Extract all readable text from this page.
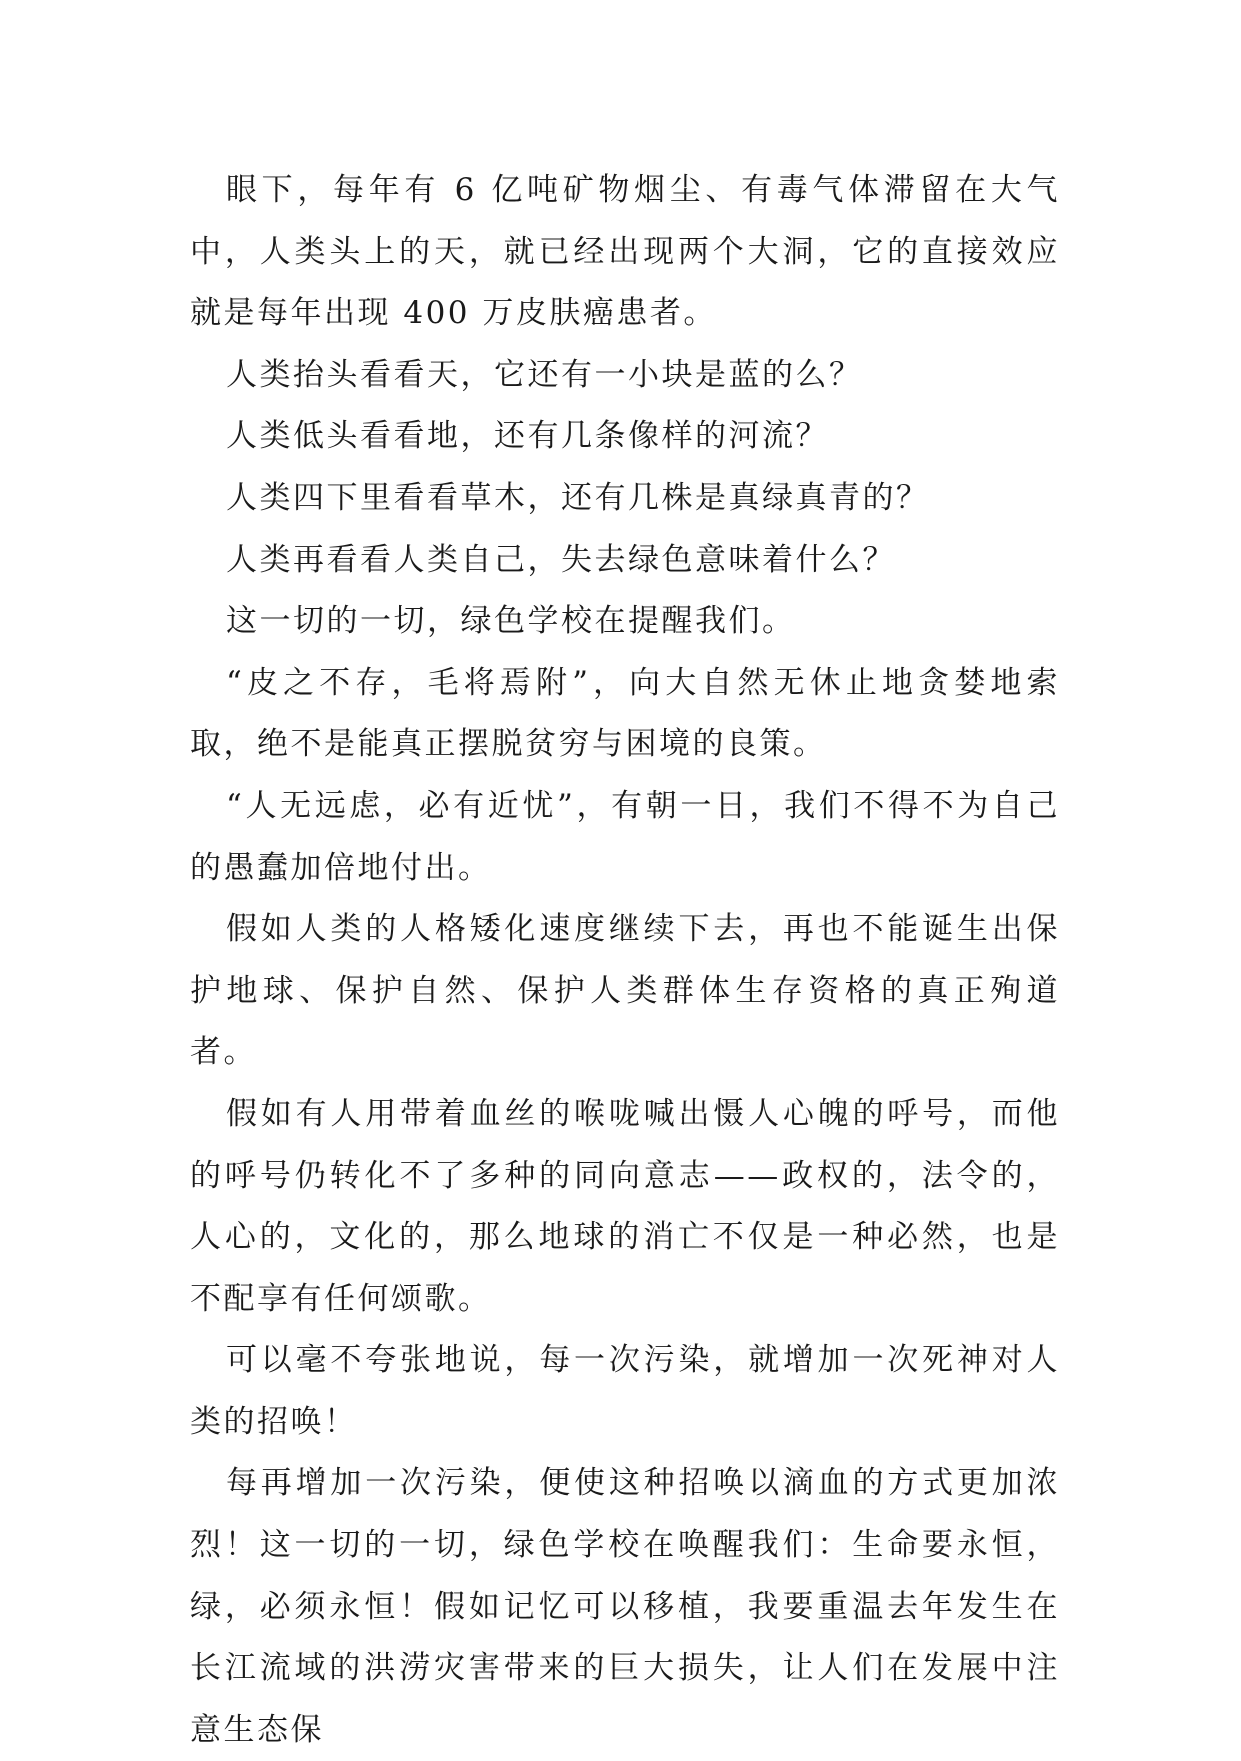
眼下，每年有 6 亿吨矿物烟尘、有毒气体滞留在大气中，人类头上的天，就已经出现两个大洞，它的直接效应就是每年出现 400 万皮肤癌患者。

人类抬头看看天，它还有一小块是蓝的么？

人类低头看看地，还有几条像样的河流？

人类四下里看看草木，还有几株是真绿真青的？

人类再看看人类自己，失去绿色意味着什么？

这一切的一切，绿色学校在提醒我们。

“皮之不存，毛将焉附”，向大自然无休止地贪婪地索取，绝不是能真正摆脱贫穷与困境的良策。

“人无远虑，必有近忧”，有朝一日，我们不得不为自己的愚蠢加倍地付出。

假如人类的人格矮化速度继续下去，再也不能诞生出保护地球、保护自然、保护人类群体生存资格的真正殉道者。

假如有人用带着血丝的喉咙喊出慑人心魄的呼号，而他的呼号仍转化不了多种的同向意志——政权的，法令的，人心的，文化的，那么地球的消亡不仅是一种必然，也是不配享有任何颂歌。

可以毫不夸张地说，每一次污染，就增加一次死神对人类的招唤！

每再增加一次污染，便使这种招唤以滴血的方式更加浓烈！这一切的一切，绿色学校在唤醒我们：生命要永恒，绿，必须永恒！假如记忆可以移植，我要重温去年发生在长江流域的洪涝灾害带来的巨大损失，让人们在发展中注意生态保
